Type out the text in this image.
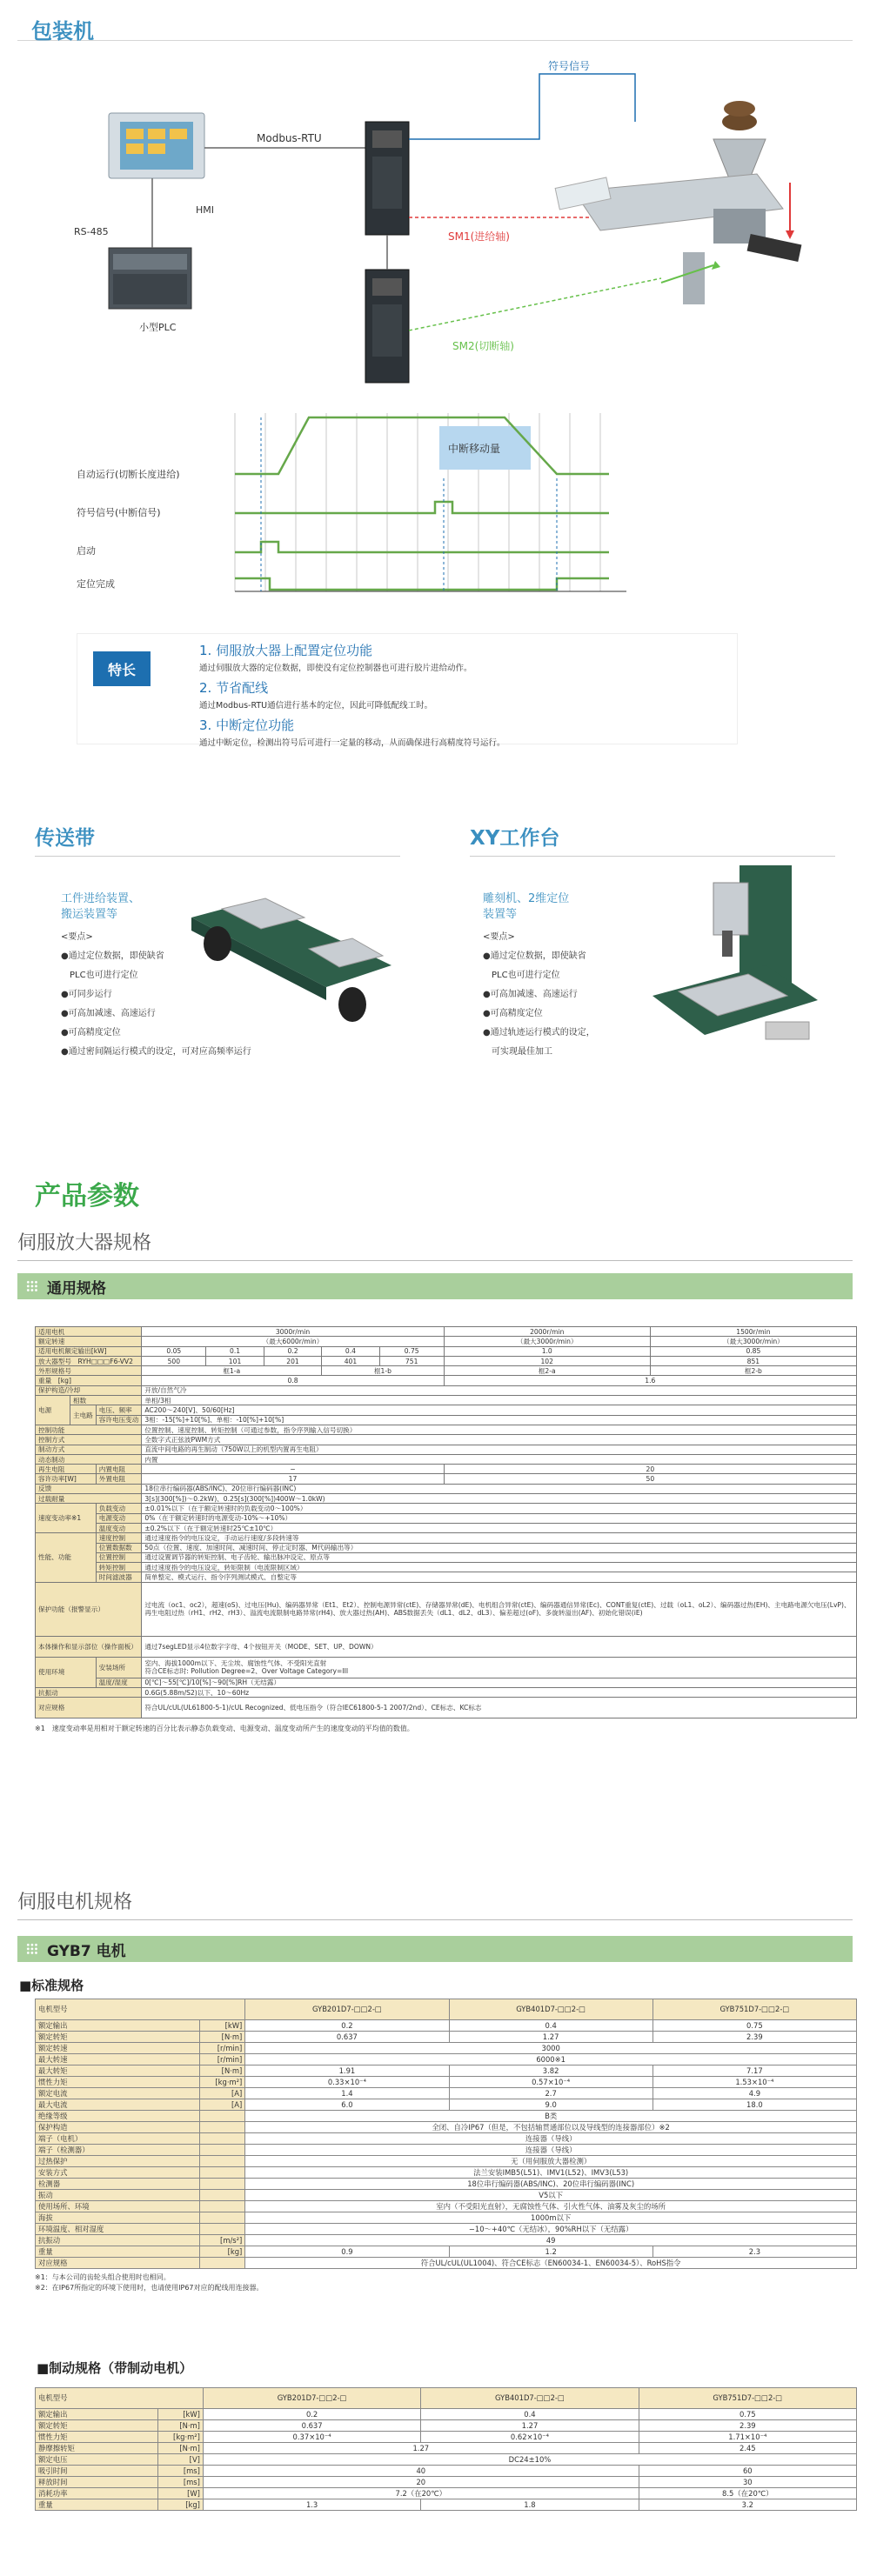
包装机
HMI
RS-485
小型PLC
Modbus-RTU
符号信号
SM1(进给轴)
SM2(切断轴)
中断移动量
自动运行(切断长度进给)
符号信号(中断信号)
启动
定位完成
特长
1. 伺服放大器上配置定位功能
通过伺服放大器的定位数据，即使没有定位控制器也可进行胶片进给动作。
2. 节省配线
通过Modbus-RTU通信进行基本的定位，因此可降低配线工时。
3. 中断定位功能
通过中断定位，检测出符号后可进行一定量的移动，从而确保进行高精度符号运行。
传送带	XY工作台
工件进给装置、
搬运装置等
<要点>
●通过定位数据，即使缺省
PLC也可进行定位
●可同步运行
●可高加减速、高速运行
●可高精度定位
●通过密间隔运行模式的设定，可对应高频率运行
雕刻机、2维定位
装置等
<要点>
●通过定位数据，即使缺省
PLC也可进行定位
●可高加减速、高速运行
●可高精度定位
●通过轨迹运行模式的设定，
可实现最佳加工
产品参数
伺服放大器规格
通用规格
适用电机			3000r/min					2000r/min	1500r/min
额定转速			（最大6000r/min）					（最大3000r/min）	（最大3000r/min）
适用电机额定输出[kW]			0.05	0.1	0.2	0.4	0.75	1.0	0.85
放大器型号　RYH□□□F6-VV2			500	101	201	401	751	102	851
外形规格号			框1-a			框1-b		框2-a	框2-b
重量　[kg]			0.8					1.6	
保护构造/冷却			开放/自然气冷						
电源	相数		单相/3相						
	主电路	电压、频率	AC200〜240[V]、50/60[Hz]						
		容许电压变动	3相：-15[%]+10[%]、单相：-10[%]+10[%]						
控制功能			位置控制、速度控制、转矩控制（可通过参数，指令序列输入信号切换）						
控制方式			全数字式正弦波PWM方式						
制动方式			直流中间电路的再生制动（750W以上的机型内置再生电阻）						
动态制动			内置						
再生电阻		内置电阻	−					20	
容许功率[W]		外置电阻	17					50	
反馈			18位串行编码器(ABS/INC)、20位串行编码器(INC)						
过载耐量			3[s](300[%])〜0.2kW)、0.25[s](300[%])400W〜1.0kW)						
速度变动率※1		负载变动	±0.01%以下（在于额定转速时的负载变动0〜100%）						
		电源变动	0%（在于额定转速时的电源变动-10%〜+10%）						
		温度变动	±0.2%以下（在于额定转速时25℃±10℃）						
性能、功能		速度控制	通过速度指令的电压设定，手动运行速度/多段转速等						
		位置数据数	50点（位置、速度、加速时间、减速时间、停止定时器、M代码输出等）						
		位置控制	通过设置调节器的转矩控制、电子齿轮、输出脉冲设定、原点等						
		转矩控制	通过速度指令的电压设定，转矩限制（电流限制区域）						
		时间滤波器	简单整定、模式运行、指令序列测试模式、自整定等						
保护功能（报警显示）			过电流（oc1、oc2），超速(oS)、过电压(Hu)、编码器异常（Et1、Et2）、控制电源异常(ctE)、存储器异常(dE)、电机组合异常(ctE)、编码器通信异常(Ec)、CONT重复(ctE)、过载（oL1、oL2）、编码器过热(EH)、主电路电源欠电压(LvP)、再生电阻过热（rH1、rH2、rH3）、溢流电流限制电路异常(rH4)、放大器过热(AH)、ABS数据丢失（dL1、dL2、dL3）、偏差超过(oF)、多旋转溢出(AF)、初始化错误(iE)						
本体操作和显示部位（操作面板）			通过7segLED显示4位数字字母、4个按钮开关（MODE、SET、UP、DOWN）						
使用环境		安装场所	室内、海拔1000m以下、无尘埃、腐蚀性气体、不受阳光直射
符合CE标志时: Pollution Degree=2、Over Voltage Category=III						
		温度/湿度	0[℃]〜55[℃]/10[%]〜90[%]RH（无结露）						
抗振动			0.6G(5.88m/S2)以下、10〜60Hz						
对应规格			符合UL/cUL(UL61800-5-1)/cUL Recognized、低电压指令（符合IEC61800-5-1 2007/2nd）、CE标志、KC标志						
※1　速度变动率是用相对于额定转速的百分比表示静态负载变动、电源变动、温度变动所产生的速度变动的平均值的数值。
伺服电机规格
GYB7 电机
■标准规格
电机型号		GYB201D7-□□2-□	GYB401D7-□□2-□	GYB751D7-□□2-□
额定输出	[kW]	0.2	0.4	0.75
额定转矩	[N·m]	0.637	1.27	2.39
额定转速	[r/min]	3000		
最大转速	[r/min]	6000※1		
最大转矩	[N·m]	1.91	3.82	7.17
惯性力矩	[kg·m²]	0.33×10⁻⁴	0.57×10⁻⁴	1.53×10⁻⁴
额定电流	[A]	1.4	2.7	4.9
最大电流	[A]	6.0	9.0	18.0
绝缘等级		B类		
保护构造		全闭、自冷IP67（但是，不包括轴贯通部位以及导线型的连接器部位）※2		
端子（电机）		连接器（导线）		
端子（检测器）		连接器（导线）		
过热保护		无（用伺服放大器检测）		
安装方式		法兰安装IMB5(L51)、IMV1(L52)、IMV3(L53)		
检测器		18位串行编码器(ABS/INC)、20位串行编码器(INC)		
振动		V5以下		
使用场所、环境		室内（不受阳光直射），无腐蚀性气体、引火性气体、油雾及灰尘的场所		
海拔		1000m以下		
环境温度、相对湿度		−10〜+40℃（无结冰），90%RH以下（无结露）		
抗振动	[m/s²]	49		
重量	[kg]	0.9	1.2	2.3
对应规格		符合UL/cUL(UL1004)、符合CE标志（EN60034-1、EN60034-5）、RoHS指令		
※1：与本公司的齿轮头组合使用时也相同。
※2：在IP67所指定的环境下使用时，也请使用IP67对应的配线用连接器。
■制动规格（带制动电机）
电机型号		GYB201D7-□□2-□	GYB401D7-□□2-□	GYB751D7-□□2-□
额定输出	[kW]	0.2	0.4	0.75
额定转矩	[N·m]	0.637	1.27	2.39
惯性力矩	[kg·m²]	0.37×10⁻⁴	0.62×10⁻⁴	1.71×10⁻⁴
静摩擦转矩	[N·m]	1.27		2.45
额定电压	[V]	DC24±10%		
吸引时间	[ms]	40		60
释放时间	[ms]	20		30
消耗功率	[W]	7.2（在20℃）		8.5（在20℃）
重量	[kg]	1.3	1.8	3.2
